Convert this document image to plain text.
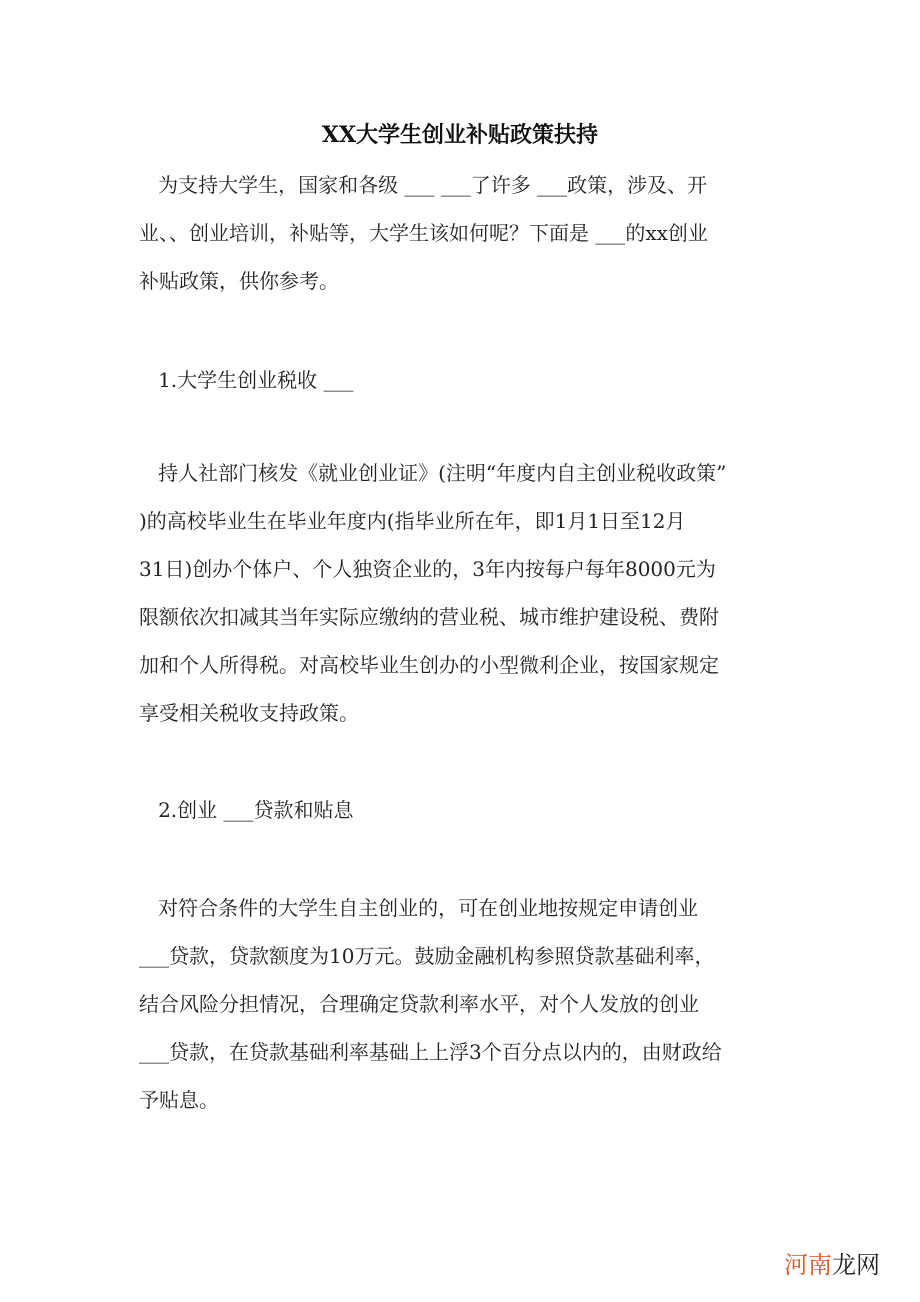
XX大学生创业补贴政策扶持
为支持大学生，国家和各级 ___ ___了许多 ___政策，涉及、开
业、、创业培训，补贴等，大学生该如何呢？下面是 ___的xx创业
补贴政策，供你参考。
1.大学生创业税收 ___
持人社部门核发《就业创业证》(注明“年度内自主创业税收政策”
)的高校毕业生在毕业年度内(指毕业所在年，即1月1日至12月
31日)创办个体户、个人独资企业的，3年内按每户每年8000元为
限额依次扣减其当年实际应缴纳的营业税、城市维护建设税、费附
加和个人所得税。对高校毕业生创办的小型微利企业，按国家规定
享受相关税收支持政策。
2.创业 ___贷款和贴息
对符合条件的大学生自主创业的，可在创业地按规定申请创业
___贷款，贷款额度为10万元。鼓励金融机构参照贷款基础利率，
结合风险分担情况，合理确定贷款利率水平，对个人发放的创业
___贷款，在贷款基础利率基础上上浮3个百分点以内的，由财政给
予贴息。
河南龙网
